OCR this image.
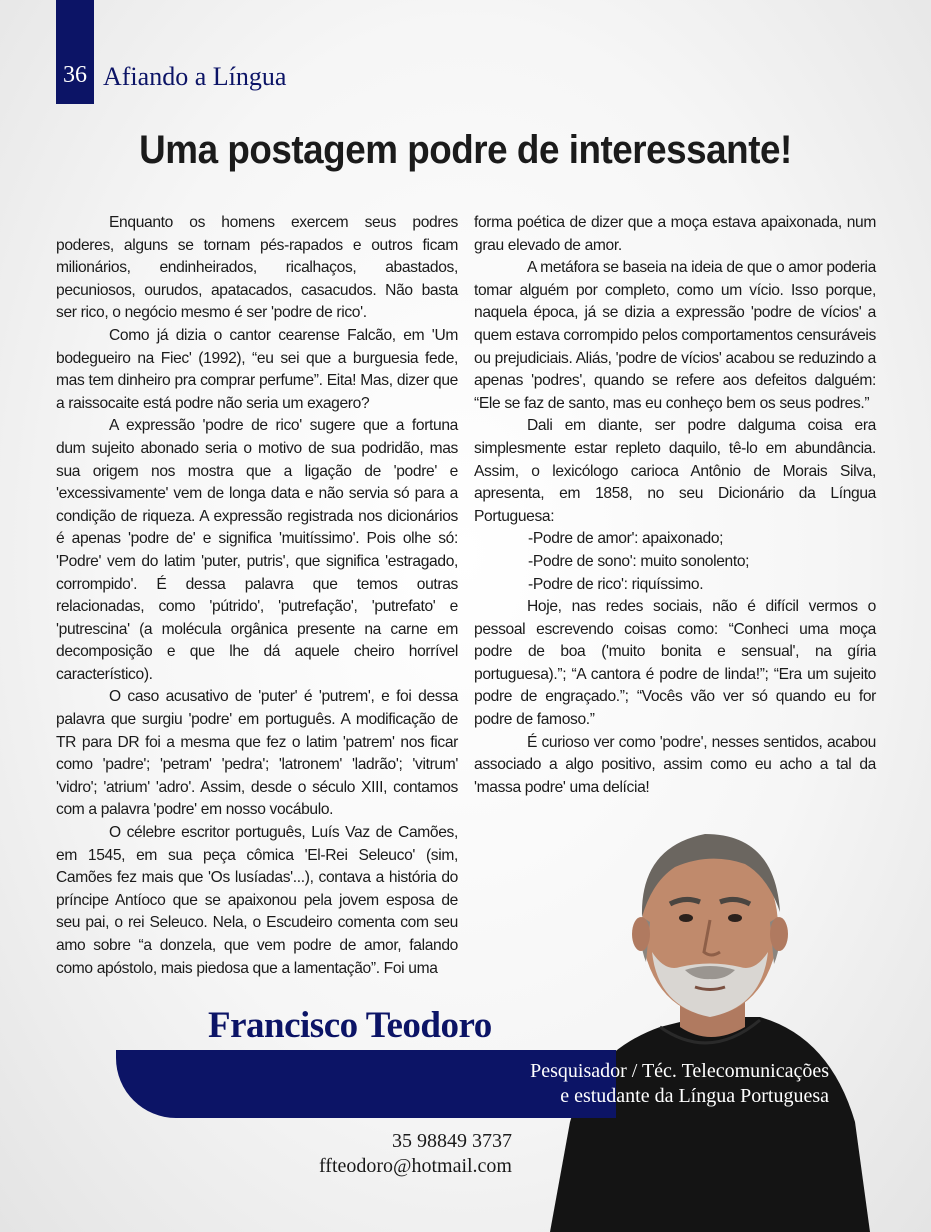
36 Afiando a Língua
Uma postagem podre de interessante!

Enquanto os homens exercem seus podres poderes, alguns se tornam pés-rapados e outros ficam milionários, endinheirados, ricalhaços, abastados, pecuniosos, ourudos, apatacados, casacudos. Não basta ser rico, o negócio mesmo é ser 'podre de rico'.

Como já dizia o cantor cearense Falcão, em 'Um bodegueiro na Fiec' (1992), “eu sei que a burguesia fede, mas tem dinheiro pra comprar perfume”. Eita! Mas, dizer que a raissocaite está podre não seria um exagero?

A expressão 'podre de rico' sugere que a fortuna dum sujeito abonado seria o motivo de sua podridão, mas sua origem nos mostra que a ligação de 'podre' e 'excessivamente' vem de longa data e não servia só para a condição de riqueza. A expressão registrada nos dicionários é apenas 'podre de' e significa 'muitíssimo'. Pois olhe só: 'Podre' vem do latim 'puter, putris', que significa 'estragado, corrompido'. É dessa palavra que temos outras relacionadas, como 'pútrido', 'putrefação', 'putrefato' e 'putrescina' (a molécula orgânica presente na carne em decomposição e que lhe dá aquele cheiro horrível característico).

O caso acusativo de 'puter' é 'putrem', e foi dessa palavra que surgiu 'podre' em português. A modificação de TR para DR foi a mesma que fez o latim 'patrem' nos ficar como 'padre'; 'petram' 'pedra'; 'latronem' 'ladrão'; 'vitrum' 'vidro'; 'atrium' 'adro'. Assim, desde o século XIII, contamos com a palavra 'podre' em nosso vocábulo.

O célebre escritor português, Luís Vaz de Camões, em 1545, em sua peça cômica 'El-Rei Seleuco' (sim, Camões fez mais que 'Os lusíadas'...), contava a história do príncipe Antíoco que se apaixonou pela jovem esposa de seu pai, o rei Seleuco. Nela, o Escudeiro comenta com seu amo sobre “a donzela, que vem podre de amor, falando como apóstolo, mais piedosa que a lamentação”. Foi uma

forma poética de dizer que a moça estava apaixonada, num grau elevado de amor.

A metáfora se baseia na ideia de que o amor poderia tomar alguém por completo, como um vício. Isso porque, naquela época, já se dizia a expressão 'podre de vícios' a quem estava corrompido pelos comportamentos censuráveis ou prejudiciais. Aliás, 'podre de vícios' acabou se reduzindo a apenas 'podres', quando se refere aos defeitos dalguém: “Ele se faz de santo, mas eu conheço bem os seus podres.”

Dali em diante, ser podre dalguma coisa era simplesmente estar repleto daquilo, tê-lo em abundância. Assim, o lexicólogo carioca Antônio de Morais Silva, apresenta, em 1858, no seu Dicionário da Língua Portuguesa:

-Podre de amor': apaixonado;

-Podre de sono': muito sonolento;

-Podre de rico': riquíssimo.

Hoje, nas redes sociais, não é difícil vermos o pessoal escrevendo coisas como: “Conheci uma moça podre de boa ('muito bonita e sensual', na gíria portuguesa).”; “A cantora é podre de linda!”; “Era um sujeito podre de engraçado.”; “Vocês vão ver só quando eu for podre de famoso.”

É curioso ver como 'podre', nesses sentidos, acabou associado a algo positivo, assim como eu acho a tal da 'massa podre' uma delícia!

Francisco Teodoro
Pesquisador / Téc. Telecomunicações
e estudante da Língua Portuguesa
35 98849 3737
ffteodoro@hotmail.com
